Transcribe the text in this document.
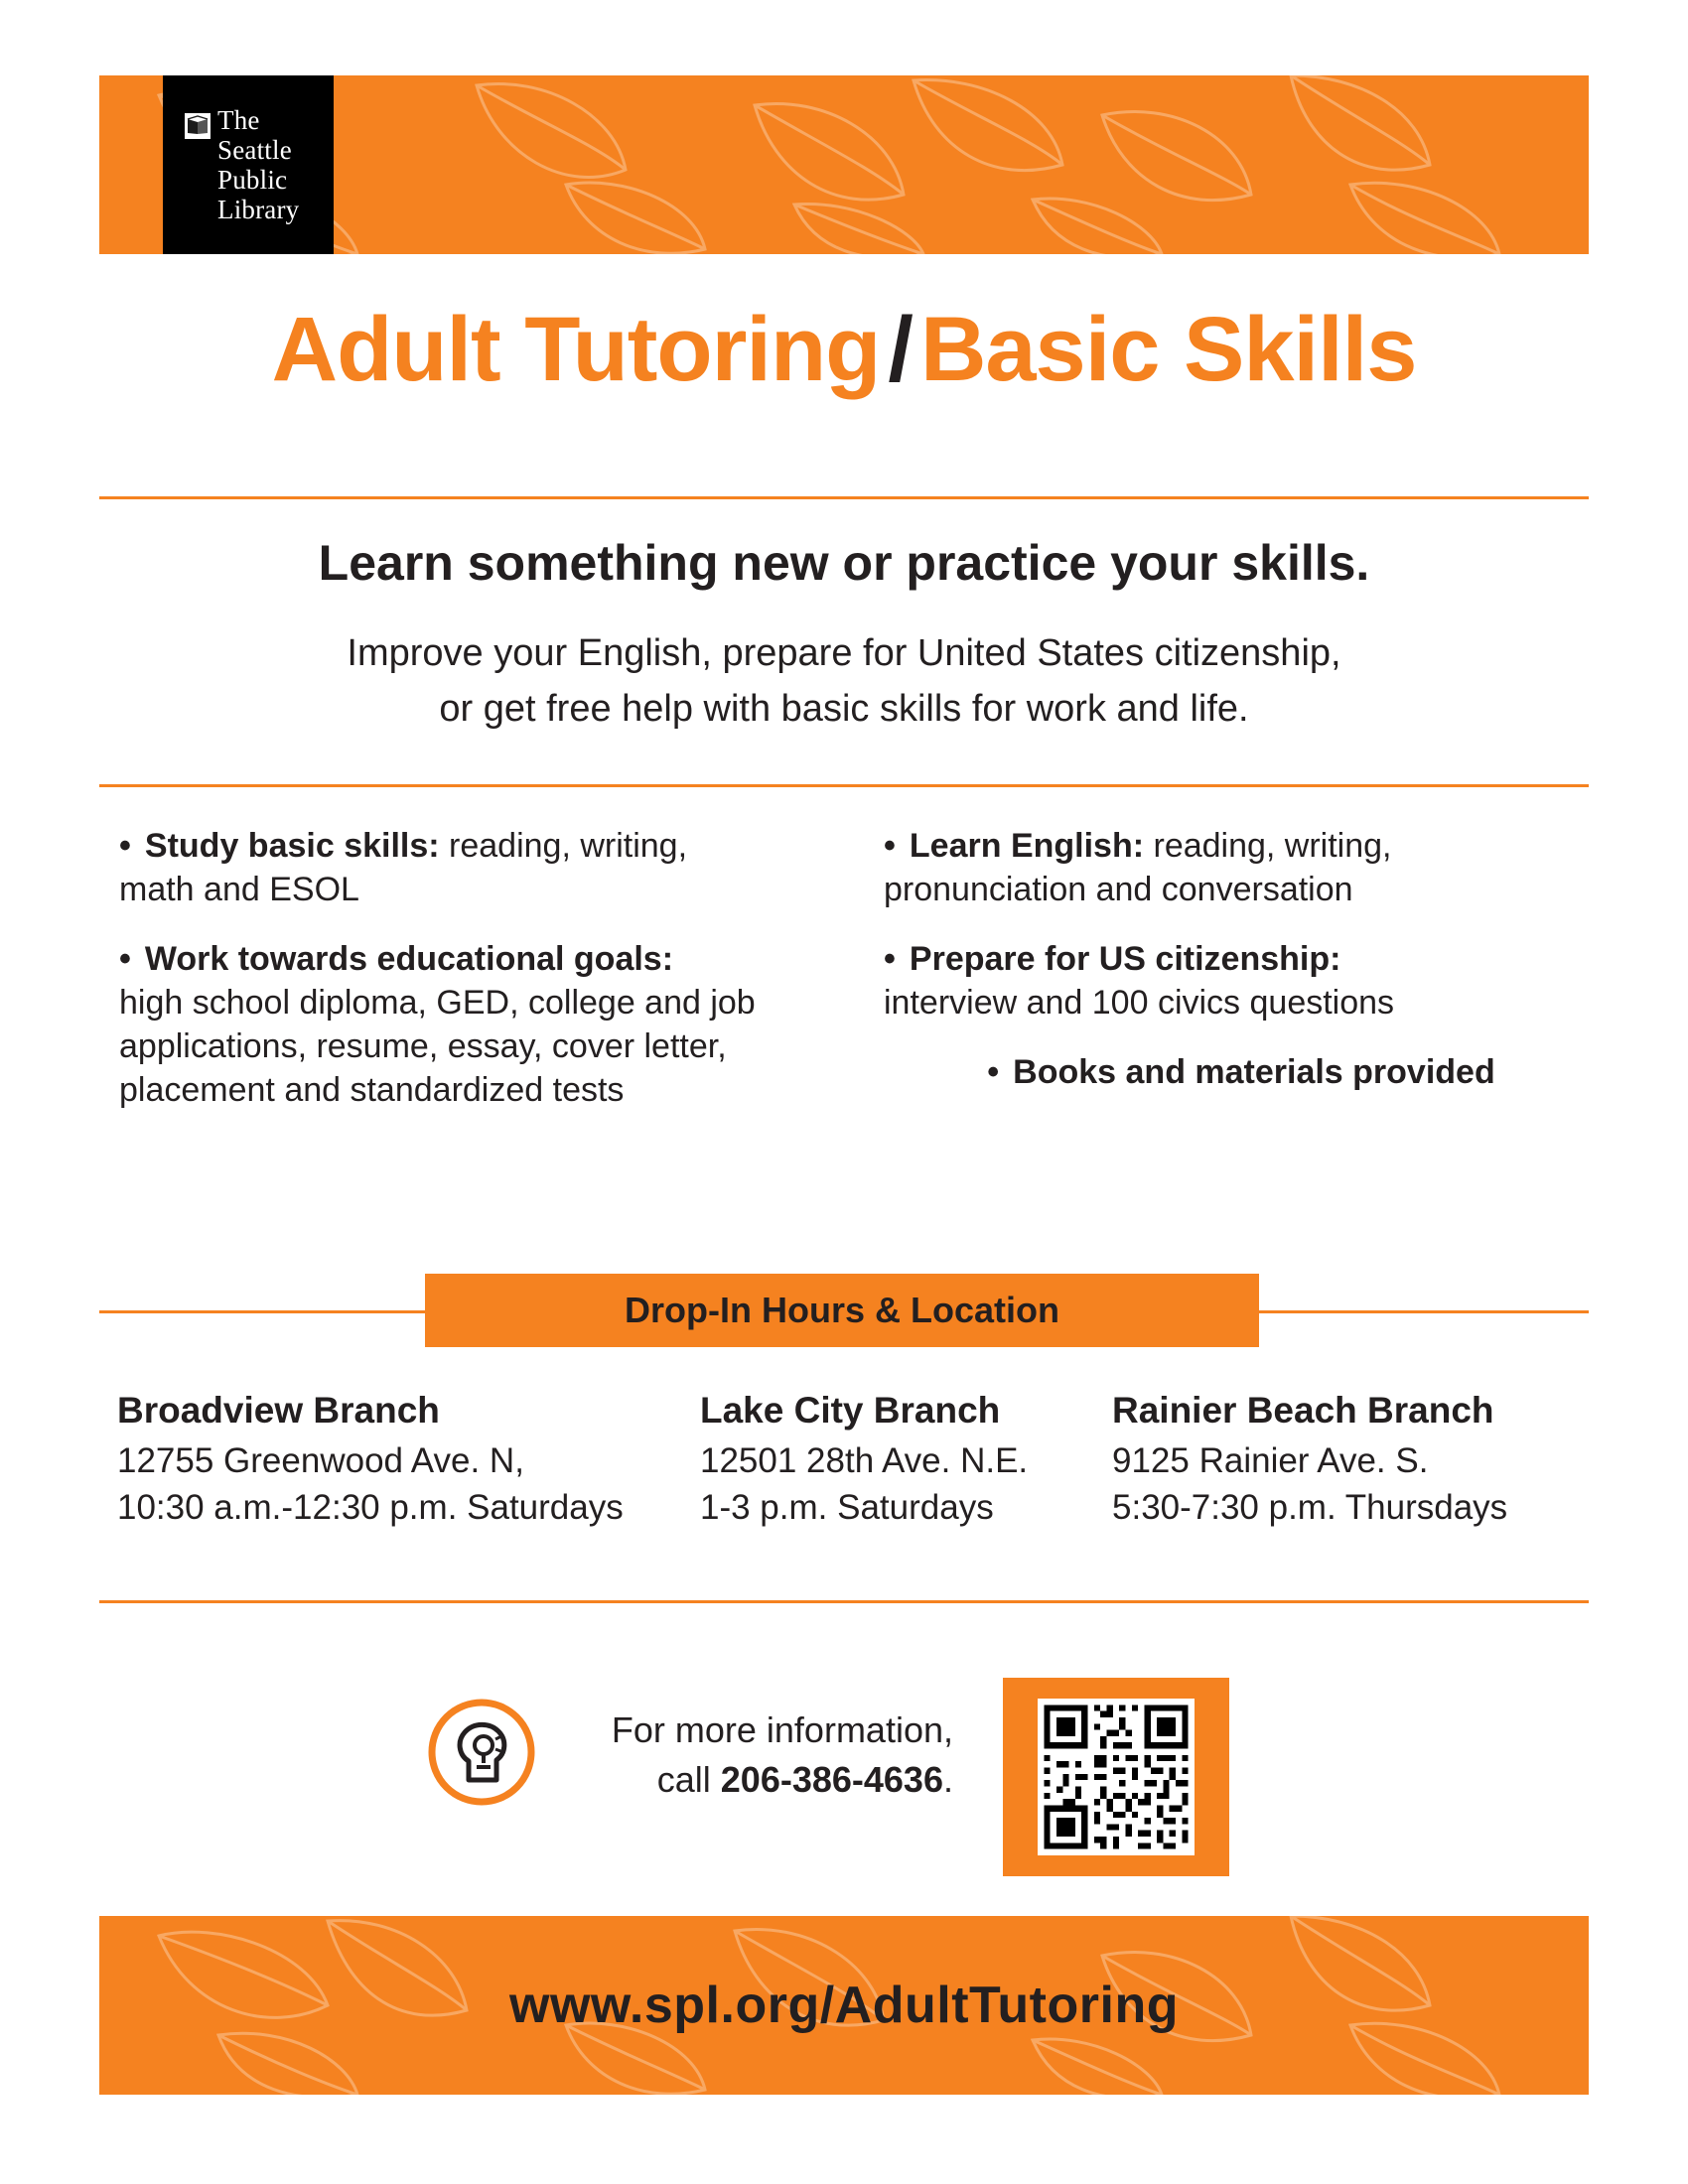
The
Seattle
Public
Library
Adult Tutoring/Basic Skills
Learn something new or practice your skills.
Improve your English, prepare for United States citizenship,
or get free help with basic skills for work and life.
• Study basic skills: reading, writing,
math and ESOL
• Work towards educational goals:
high school diploma, GED, college and job applications, resume, essay, cover letter, placement and standardized tests
• Learn English: reading, writing,
pronunciation and conversation
• Prepare for US citizenship:
interview and 100 civics questions
• Books and materials provided
Drop-In Hours & Location
Broadview Branch
12755 Greenwood Ave. N,
10:30 a.m.-12:30 p.m. Saturdays
Lake City Branch
12501 28th Ave. N.E.
1-3 p.m. Saturdays
Rainier Beach Branch
9125 Rainier Ave. S.
5:30-7:30 p.m. Thursdays
For more information,
call 206-386-4636.
www.spl.org/AdultTutoring
